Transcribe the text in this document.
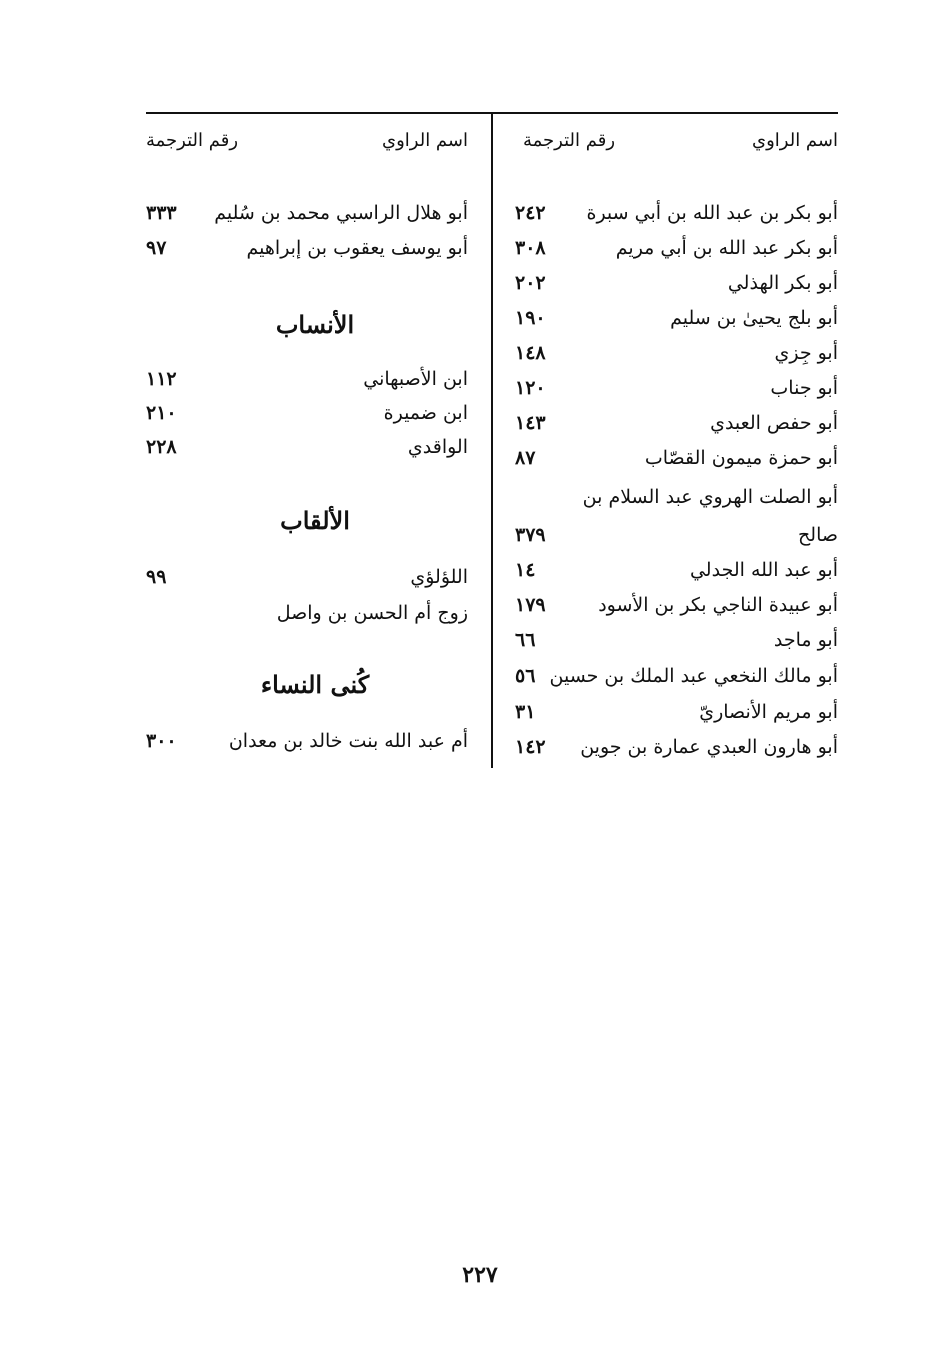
اسم الراوي
رقم الترجمة
أبو بكر بن عبد الله بن أبي سبرة
٢٤٢
أبو بكر عبد الله بن أبي مريم
٣٠٨
أبو بكر الهذلي
٢٠٢
أبو بلج يحيىٰ بن سليم
١٩٠
أبو جِزي
١٤٨
أبو جناب
١٢٠
أبو حفص العبدي
١٤٣
أبو حمزة ميمون القصّاب
٨٧
أبو الصلت الهروي عبد السلام بن
صالح
٣٧٩
أبو عبد الله الجدلي
١٤
أبو عبيدة الناجي بكر بن الأسود
١٧٩
أبو ماجد
٦٦
أبو مالك النخعي عبد الملك بن حسين
٥٦
أبو مريم الأنصاريّ
٣١
أبو هارون العبدي عمارة بن جوين
١٤٢
اسم الراوي
رقم الترجمة
أبو هلال الراسبي محمد بن سُليم
٣٣٣
أبو يوسف يعقوب بن إبراهيم
٩٧
الأنساب
ابن الأصبهاني
١١٢
ابن ضميرة
٢١٠
الواقدي
٢٢٨
الألقاب
اللؤلؤي
٩٩
زوج أم الحسن بن واصل
كُنى النساء
أم عبد الله بنت خالد بن معدان
٣٠٠
٢٢٧
